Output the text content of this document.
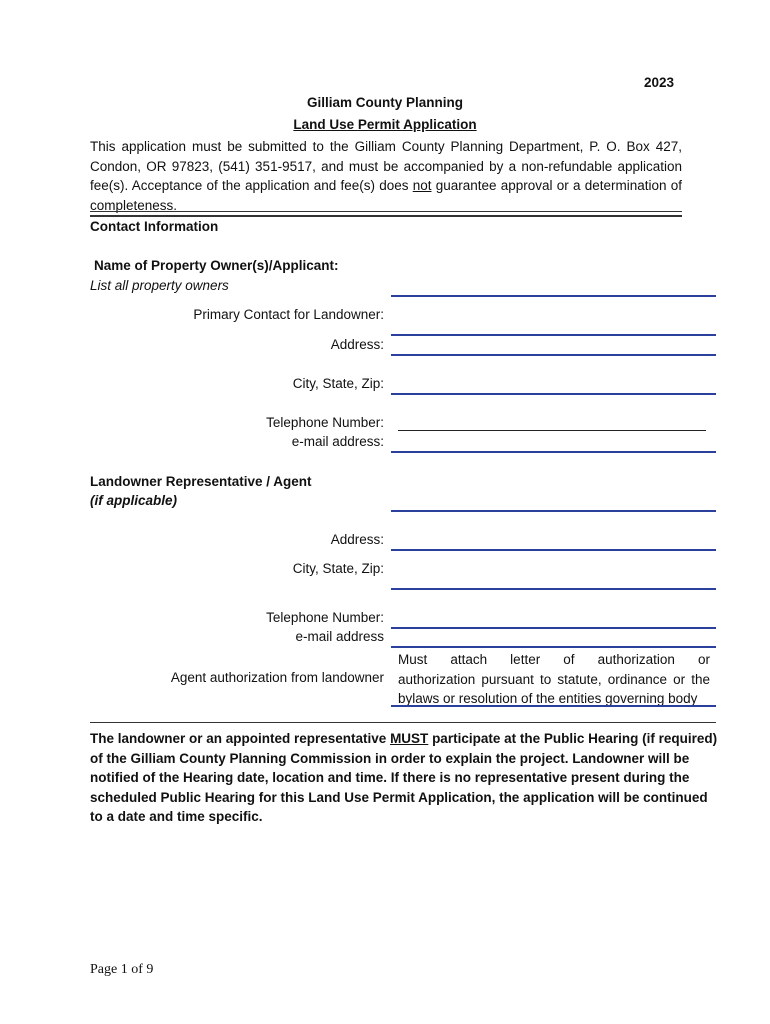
2023
Gilliam County Planning
Land Use Permit Application
This application must be submitted to the Gilliam County Planning Department, P. O. Box 427, Condon, OR 97823, (541) 351-9517, and must be accompanied by a non-refundable application fee(s). Acceptance of the application and fee(s) does not guarantee approval or a determination of completeness.
Contact Information
Name of Property Owner(s)/Applicant:
List all property owners
Primary Contact for Landowner:
Address:
City, State, Zip:
Telephone Number:
e-mail address:
Landowner Representative / Agent
(if applicable)
Address:
City, State, Zip:
Telephone Number:
e-mail address
Agent authorization from landowner
Must attach letter of authorization or
authorization pursuant to statute, ordinance or the bylaws or resolution of the entities governing body
The landowner or an appointed representative MUST participate at the Public Hearing (if required) of the Gilliam County Planning Commission in order to explain the project. Landowner will be notified of the Hearing date, location and time. If there is no representative present during the scheduled Public Hearing for this Land Use Permit Application, the application will be continued to a date and time specific.
Page 1 of 9
